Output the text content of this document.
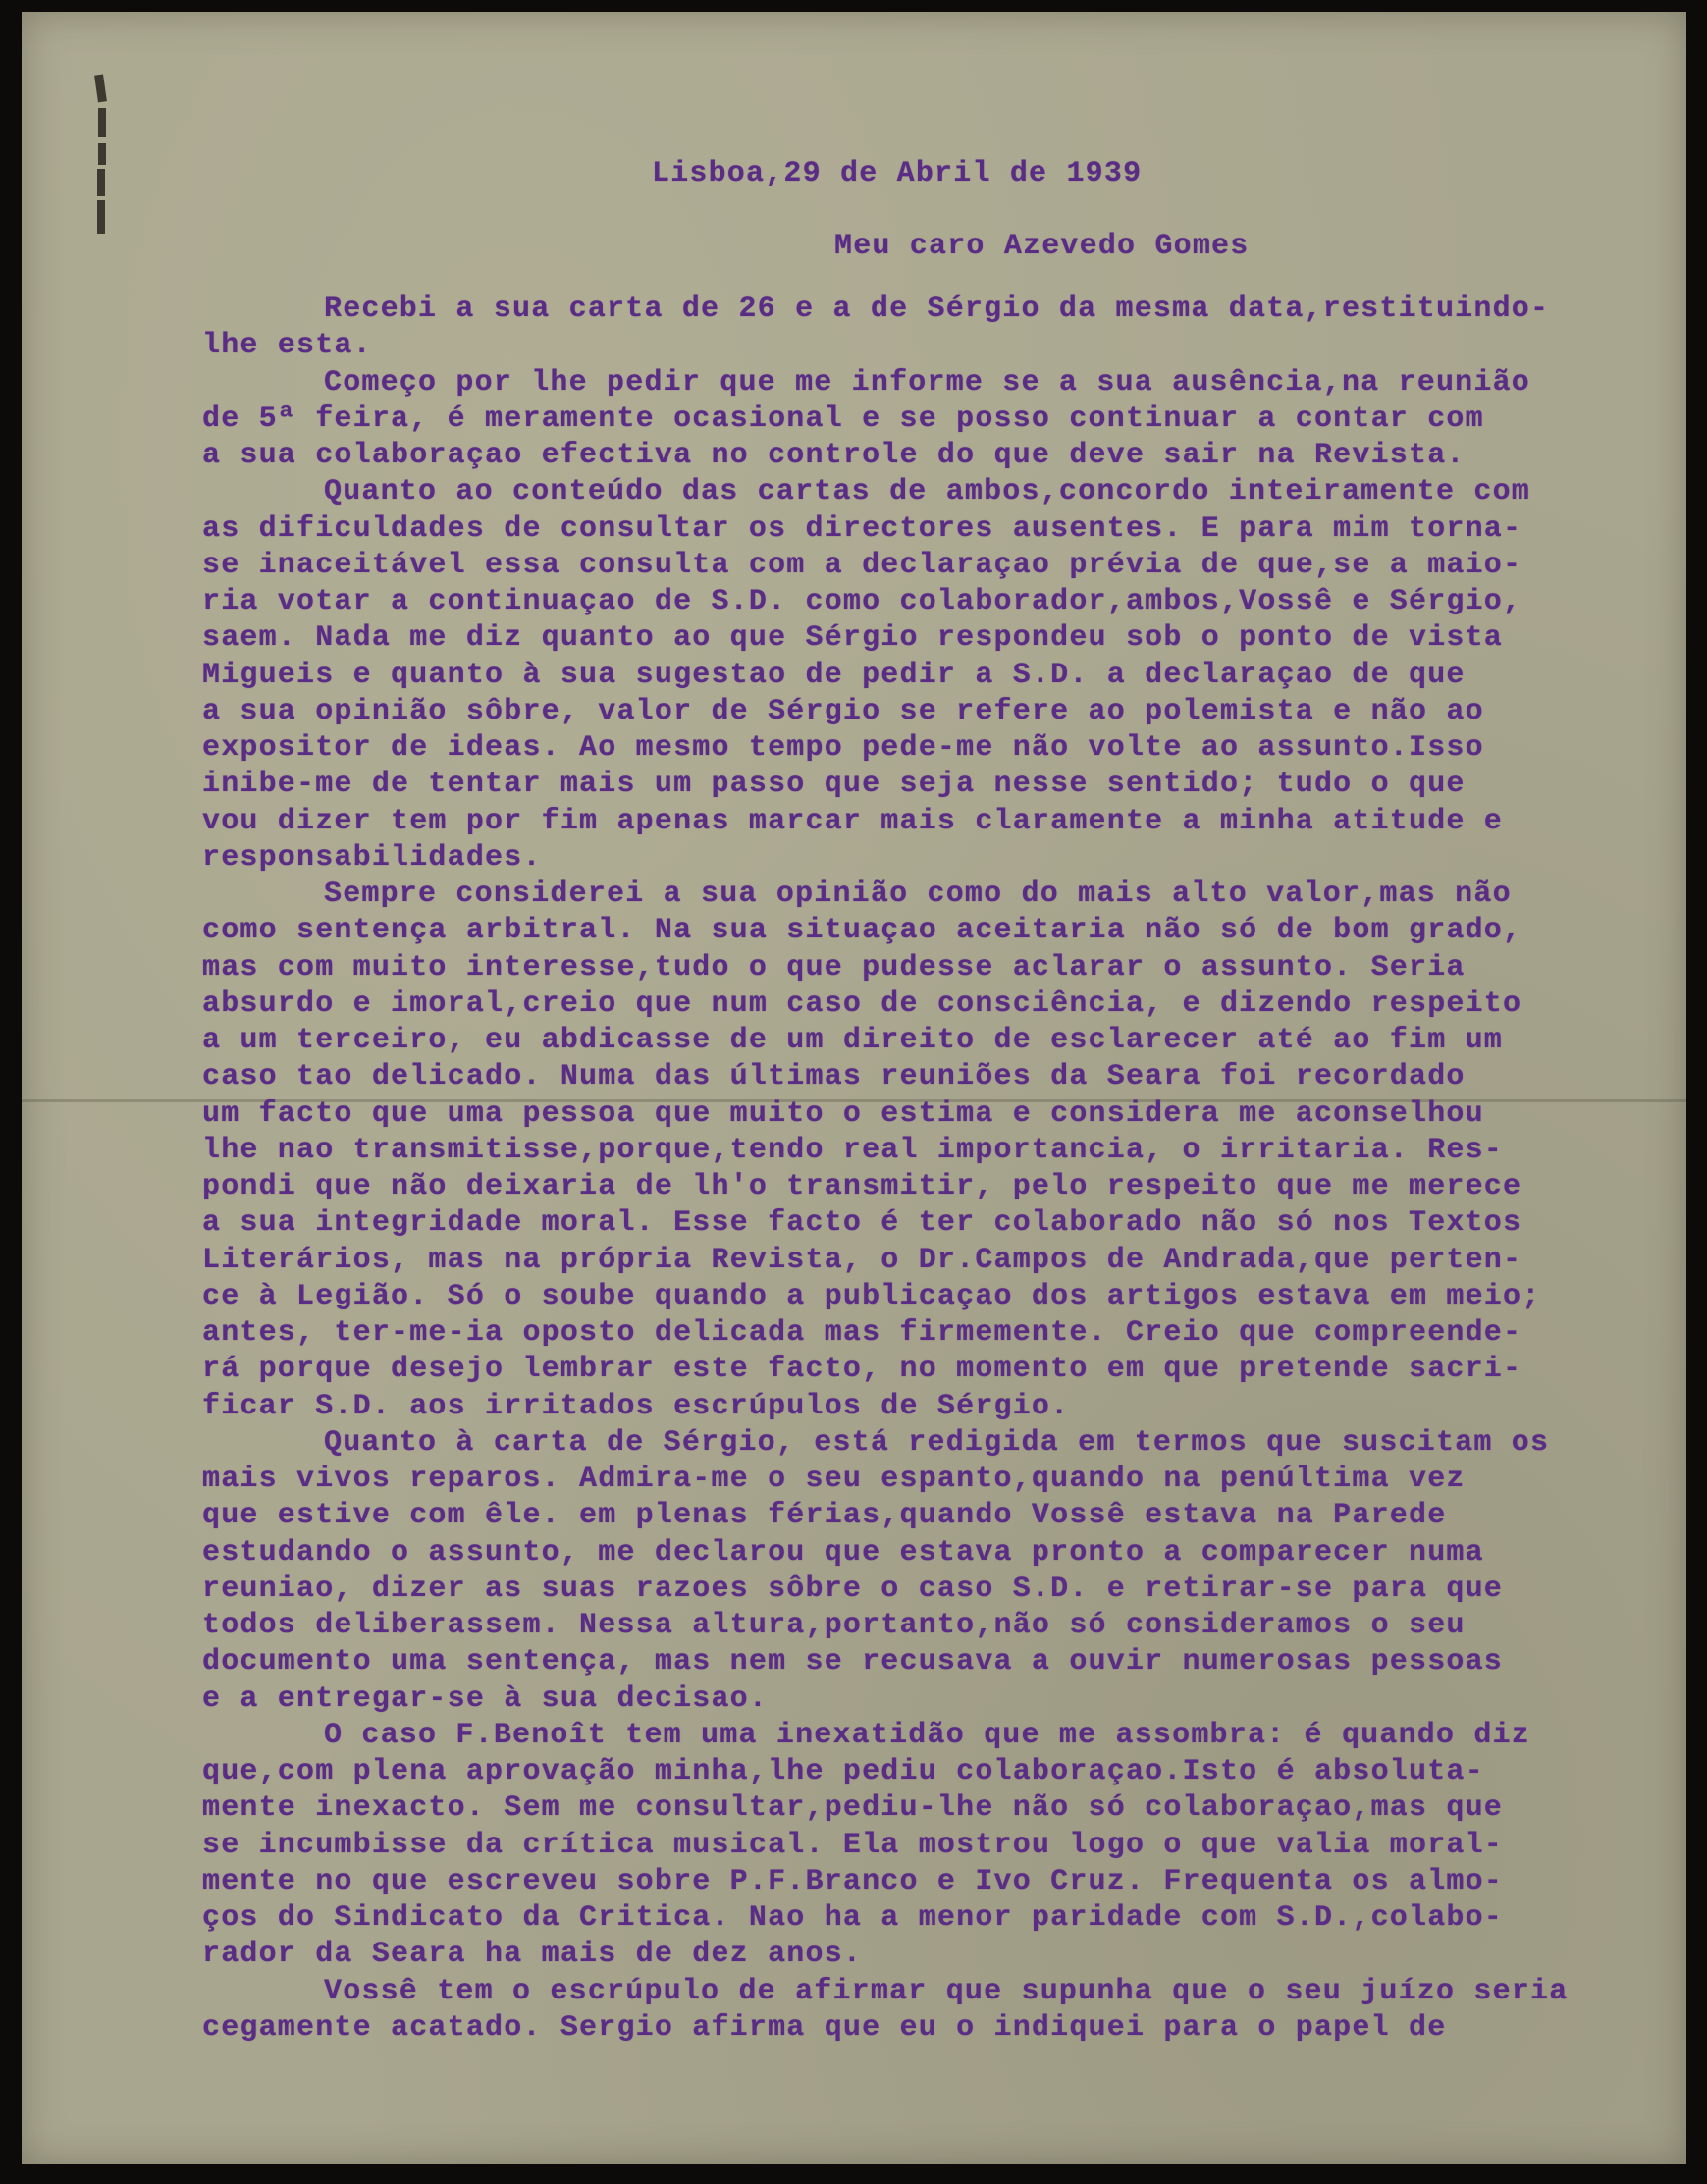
Lisboa,29 de Abril de 1939
Meu caro Azevedo Gomes
Recebi a sua carta de 26 e a de Sérgio da mesma data,restituindo-
lhe esta.
Começo por lhe pedir que me informe se a sua ausência,na reunião
de 5ª feira, é meramente ocasional e se posso continuar a contar com
a sua colaboraçao efectiva no controle do que deve sair na Revista.
Quanto ao conteúdo das cartas de ambos,concordo inteiramente com
as dificuldades de consultar os directores ausentes. E para mim torna-
se inaceitável essa consulta com a declaraçao prévia de que,se a maio-
ria votar a continuaçao de S.D. como colaborador,ambos,Vossê e Sérgio,
saem. Nada me diz quanto ao que Sérgio respondeu sob o ponto de vista
Migueis e quanto à sua sugestao de pedir a S.D. a declaraçao de que
a sua opinião sôbre, valor de Sérgio se refere ao polemista e não ao
expositor de ideas. Ao mesmo tempo pede-me não volte ao assunto.Isso
inibe-me de tentar mais um passo que seja nesse sentido; tudo o que
vou dizer tem por fim apenas marcar mais claramente a minha atitude e
responsabilidades.
Sempre considerei a sua opinião como do mais alto valor,mas não
como sentença arbitral. Na sua situaçao aceitaria não só de bom grado,
mas com muito interesse,tudo o que pudesse aclarar o assunto. Seria
absurdo e imoral,creio que num caso de consciência, e dizendo respeito
a um terceiro, eu abdicasse de um direito de esclarecer até ao fim um
caso tao delicado. Numa das últimas reuniões da Seara foi recordado
um facto que uma pessoa que muito o estima e considera me aconselhou
lhe nao transmitisse,porque,tendo real importancia, o irritaria. Res-
pondi que não deixaria de lh'o transmitir, pelo respeito que me merece
a sua integridade moral. Esse facto é ter colaborado não só nos Textos
Literários, mas na própria Revista, o Dr.Campos de Andrada,que perten-
ce à Legião. Só o soube quando a publicaçao dos artigos estava em meio;
antes, ter-me-ia oposto delicada mas firmemente. Creio que compreende-
rá porque desejo lembrar este facto, no momento em que pretende sacri-
ficar S.D. aos irritados escrúpulos de Sérgio.
Quanto à carta de Sérgio, está redigida em termos que suscitam os
mais vivos reparos. Admira-me o seu espanto,quando na penúltima vez
que estive com êle. em plenas férias,quando Vossê estava na Parede
estudando o assunto, me declarou que estava pronto a comparecer numa
reuniao, dizer as suas razoes sôbre o caso S.D. e retirar-se para que
todos deliberassem. Nessa altura,portanto,não só consideramos o seu
documento uma sentença, mas nem se recusava a ouvir numerosas pessoas
e a entregar-se à sua decisao.
O caso F.Benoît tem uma inexatidão que me assombra: é quando diz
que,com plena aprovação minha,lhe pediu colaboraçao.Isto é absoluta-
mente inexacto. Sem me consultar,pediu-lhe não só colaboraçao,mas que
se incumbisse da crítica musical. Ela mostrou logo o que valia moral-
mente no que escreveu sobre P.F.Branco e Ivo Cruz. Frequenta os almo-
ços do Sindicato da Critica. Nao ha a menor paridade com S.D.,colabo-
rador da Seara ha mais de dez anos.
Vossê tem o escrúpulo de afirmar que supunha que o seu juízo seria
cegamente acatado. Sergio afirma que eu o indiquei para o papel de
